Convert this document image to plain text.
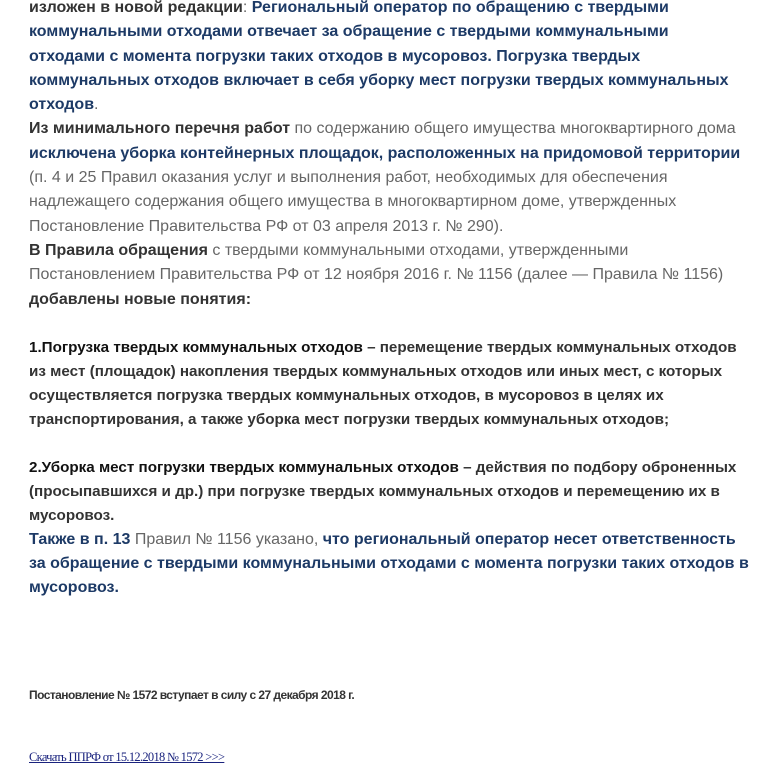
изложен в новой редакции: Региональный оператор по обращению с твердыми коммунальными отходами отвечает за обращение с твердыми коммунальными отходами с момента погрузки таких отходов в мусоровоз. Погрузка твердых коммунальных отходов включает в себя уборку мест погрузки твердых коммунальных отходов.

Из минимального перечня работ по содержанию общего имущества многоквартирного дома исключена уборка контейнерных площадок, расположенных на придомовой территории (п. 4 и 25 Правил оказания услуг и выполнения работ, необходимых для обеспечения надлежащего содержания общего имущества в многоквартирном доме, утвержденных Постановление Правительства РФ от 03 апреля 2013 г. № 290).

В Правила обращения с твердыми коммунальными отходами, утвержденными Постановлением Правительства РФ от 12 ноября 2016 г. № 1156 (далее — Правила № 1156) добавлены новые понятия:

1.Погрузка твердых коммунальных отходов – перемещение твердых коммунальных отходов из мест (площадок) накопления твердых коммунальных отходов или иных мест, с которых осуществляется погрузка твердых коммунальных отходов, в мусоровоз в целях их транспортирования, а также уборка мест погрузки твердых коммунальных отходов;

2.Уборка мест погрузки твердых коммунальных отходов – действия по подбору оброненных (просыпавшихся и др.) при погрузке твердых коммунальных отходов и перемещению их в мусоровоз.

Также в п. 13 Правил № 1156 указано, что региональный оператор несет ответственность за обращение с твердыми коммунальными отходами с момента погрузки таких отходов в мусоровоз.

Постановление № 1572 вступает в силу с 27 декабря 2018 г.

Скачать ППРФ от 15.12.2018 № 1572 >>>
